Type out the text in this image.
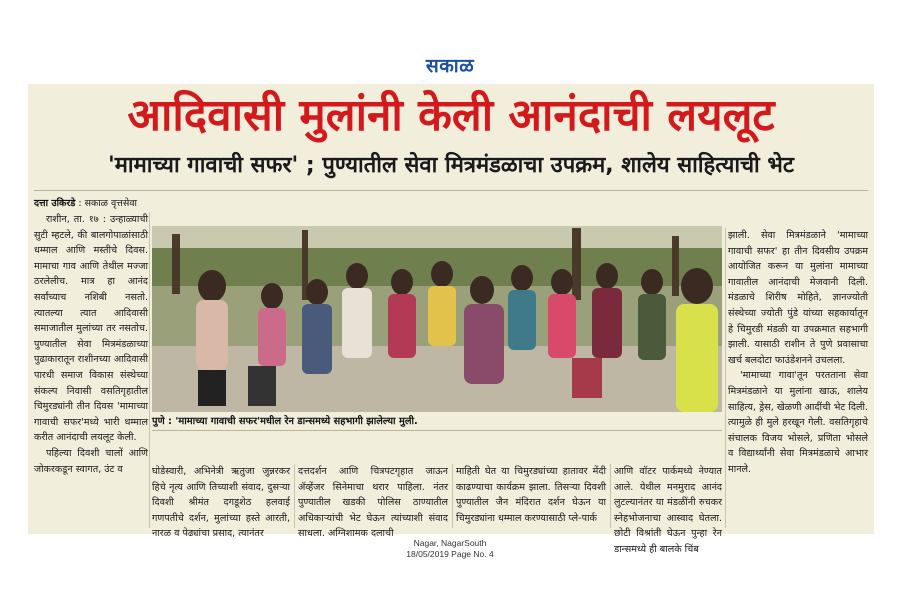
सकाळ
आदिवासी मुलांनी केली आनंदाची लयलूट
'मामाच्या गावाची सफर' ; पुण्यातील सेवा मित्रमंडळाचा उपक्रम, शालेय साहित्याची भेट
दत्ता उकिरडे : सकाळ वृत्तसेवा

राशीन, ता. १७ : उन्हाळ्याची सुटी म्हटले, की बालगोपाळांसाठी धम्माल आणि मस्तीचे दिवस. मामाचा गाव आणि तेथील मज्जा ठरलेलीच. मात्र हा आनंद सर्वांच्याच नशिबी नसतो. त्यातल्या त्यात आदिवासी समाजातील मुलांच्या तर नसतोच. पुण्यातील सेवा मित्रमंडळाच्या पुढाकारातून राशीनच्या आदिवासी पारधी समाज विकास संस्थेच्या संकल्प निवासी वसतिगृहातील चिमुरड्यांनी तीन दिवस 'मामाच्या गावाची सफर'मध्ये भारी धम्माल करीत आनंदाची लयलूट केली.

पहिल्या दिवशी चालों आणि जोकरकडून स्वागत, उंट व

पुणे : 'मामाच्या गावाची सफर'मधील रेन डान्समध्ये सहभागी झालेल्या मुली.

झाली. सेवा मित्रमंडळाने 'मामाच्या गावाची सफर' हा तीन दिवसीय उपक्रम आयोजित करून या मुलांना मामाच्या गावातील आनंदाची मेजवानी दिली. मंडळाचे शिरीष मोहिते, ज्ञानज्योती संस्थेच्या ज्योती पुंडे यांच्या सहकार्यातून हे चिमुरडी मंडळी या उपक्रमात सहभागी झाली. यासाठी राशीन ते पुणे प्रवासाचा खर्च बलदोटा फाउंडेशनने उचलला.

'मामाच्या गावा'तून परतताना सेवा मित्रमंडळाने या मुलांना खाऊ, शालेय साहित्य, ड्रेस, खेळणी आदींची भेट दिली. त्यामुळे ही मुले हरखून गेली. वसतिगृहाचे संचालक विजय भोसले, प्रणिता भोसले व विद्यार्थ्यांनी सेवा मित्रमंडळाचे आभार मानले.

घोडेस्वारी, अभिनेत्री ऋतुजा जुन्नरकर हिचे नृत्य आणि तिच्याशी संवाद, दुसऱ्या दिवशी श्रीमंत दगडूशेठ हलवाई गणपतीचे दर्शन, मुलांच्या हस्ते आरती, नारळ व पेढ्यांचा प्रसाद, त्यानंतर

दत्तदर्शन आणि चित्रपटगृहात जाऊन ॲव्हेंजर सिनेमाचा थरार पाहिला. नंतर पुण्यातील खडकी पोलिस ठाण्यातील अधिकाऱ्यांची भेट घेऊन त्यांच्याशी संवाद साधला. अग्निशामक दलाची

माहिती घेत या चिमुरड्यांच्या हातावर मेंदी काढण्याचा कार्यक्रम झाला. तिसऱ्या दिवशी पुण्यातील जैन मंदिरात दर्शन घेऊन या चिमुरड्यांना धम्माल करण्यासाठी प्ले-पार्क

आणि वॉटर पार्कमध्ये नेण्यात आले. येथील मनमुराद आनंद लुटल्यानंतर या मंडळींनी रुचकर स्नेहभोजनाचा आस्वाद घेतला. छोटी विश्रांती घेऊन पुन्हा रेन डान्समध्ये ही बालके चिंब

Nagar, NagarSouth
18/05/2019 Page No. 4
